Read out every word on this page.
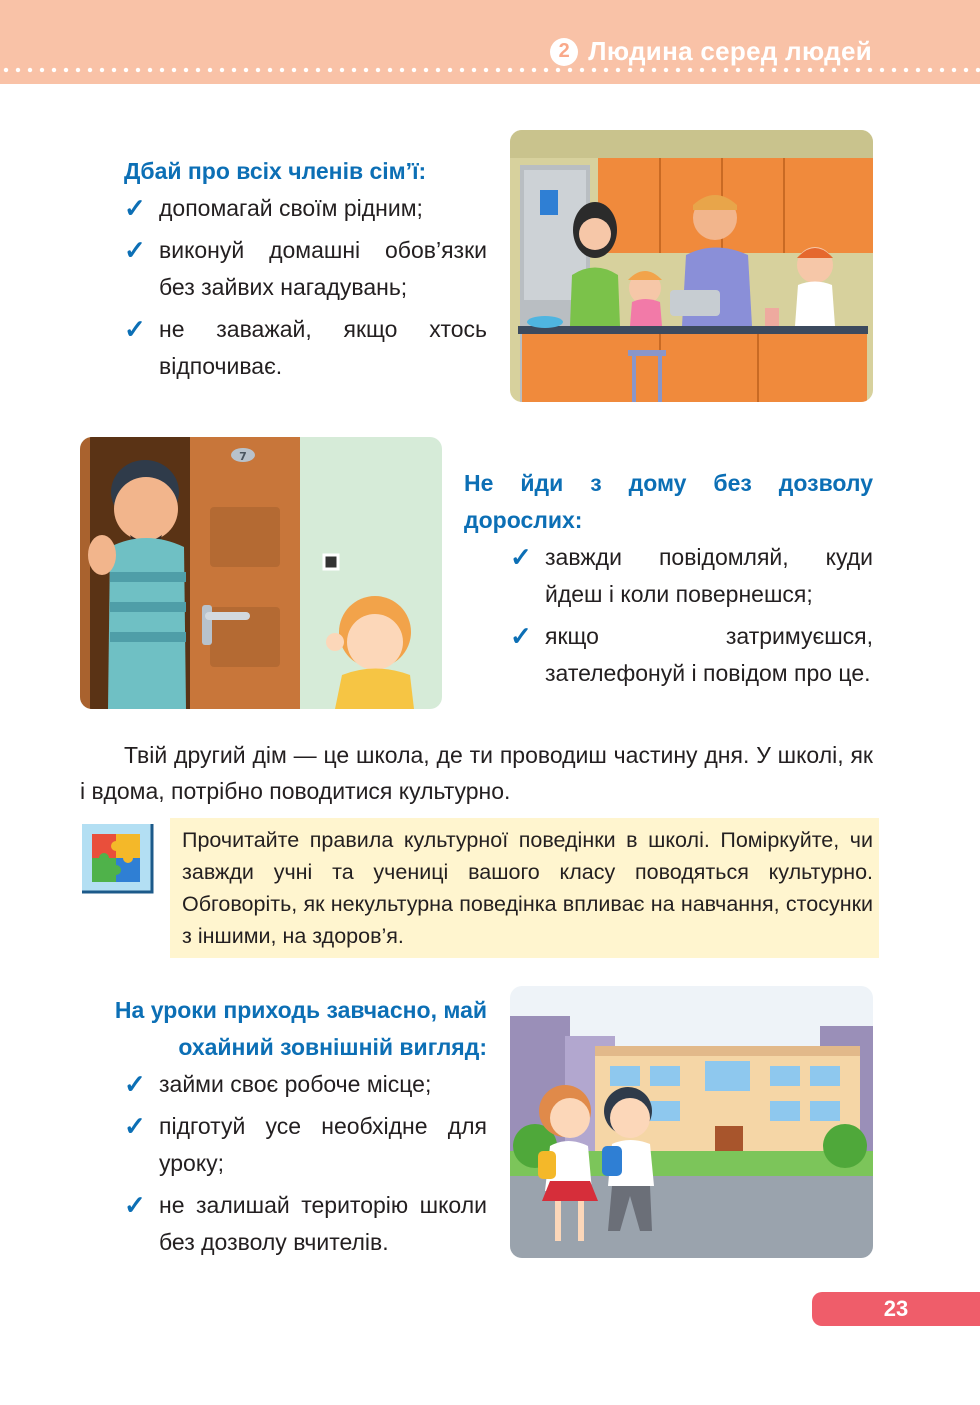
2 Людина серед людей
Дбай про всіх членів сім’ї:
✓ допомагай своїм рідним;
✓ виконуй домашні обов’язки без зайвих нагадувань;
✓ не заважай, якщо хтось відпочиває.
7
Не йди з дому без дозволу дорослих:
✓ завжди повідомляй, куди йдеш і коли повернешся;
✓ якщо затримуєшся, зателефонуй і повідом про це.
Твій другий дім — це школа, де ти проводиш частину дня. У школі, як і вдома, потрібно поводитися культурно.
Прочитайте правила культурної поведінки в школі. Поміркуйте, чи завжди учні та учениці вашого класу поводяться культурно. Обговоріть, як некультурна поведінка впливає на навчання, стосунки з іншими, на здоров’я.
На уроки приходь завчасно, май охайний зовнішній вигляд:
✓ займи своє робоче місце;
✓ підготуй усе необхідне для уроку;
✓ не залишай територію школи без дозволу вчителів.
23
